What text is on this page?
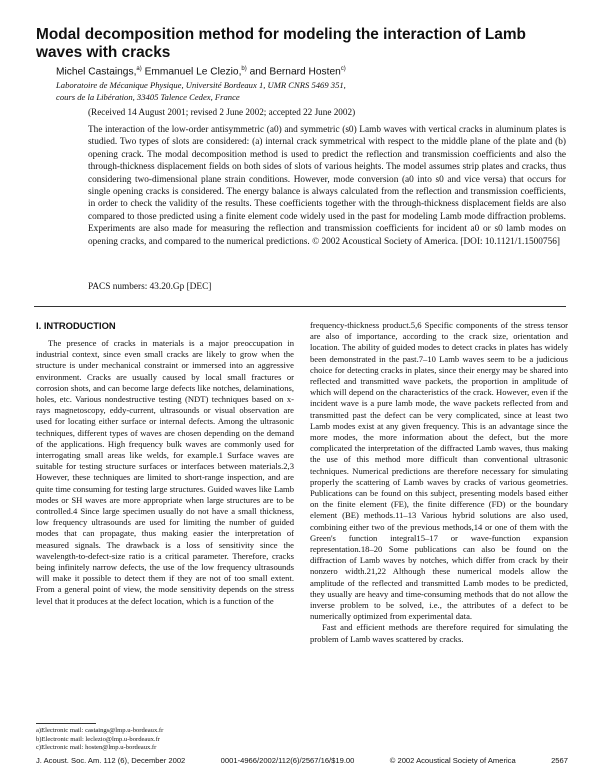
Modal decomposition method for modeling the interaction of Lamb waves with cracks
Michel Castaings,$^{a)}$ Emmanuel Le Clezio,$^{b)}$ and Bernard Hosten$^{c)}$
Laboratoire de Mécanique Physique, Université Bordeaux 1, UMR CNRS 5469 351,
cours de la Libération, 33405 Talence Cedex, France
(Received 14 August 2001; revised 2 June 2002; accepted 22 June 2002)

The interaction of the low-order antisymmetric (a0) and symmetric (s0) Lamb waves with vertical cracks in aluminum plates is studied. Two types of slots are considered: (a) internal crack symmetrical with respect to the middle plane of the plate and (b) opening crack. The modal decomposition method is used to predict the reflection and transmission coefficients and also the through-thickness displacement fields on both sides of slots of various heights. The model assumes strip plates and cracks, thus considering two-dimensional plane strain conditions. However, mode conversion (a0 into s0 and vice versa) that occurs for single opening cracks is considered. The energy balance is always calculated from the reflection and transmission coefficients, in order to check the validity of the results. These coefficients together with the through-thickness displacement fields are also compared to those predicted using a finite element code widely used in the past for modeling Lamb mode diffraction problems. Experiments are also made for measuring the reflection and transmission coefficients for incident a0 or s0 lamb modes on opening cracks, and compared to the numerical predictions. © 2002 Acoustical Society of America. [DOI: 10.1121/1.1500756]

PACS numbers: 43.20.Gp [DEC]
I. INTRODUCTION

The presence of cracks in materials is a major preoccupation in industrial context, since even small cracks are likely to grow when the structure is under mechanical constraint or immersed into an aggressive environment. Cracks are usually caused by local small fractures or corrosion shots, and can become large defects like notches, delaminations, holes, etc. Various nondestructive testing (NDT) techniques based on x-rays magnetoscopy, eddy-current, ultrasounds or visual observation are used for locating either surface or internal defects. Among the ultrasonic techniques, different types of waves are chosen depending on the demand of the applications. High frequency bulk waves are commonly used for interrogating small areas like welds, for example.1 Surface waves are suitable for testing structure surfaces or interfaces between materials.2,3 However, these techniques are limited to short-range inspection, and are quite time consuming for testing large structures. Guided waves like Lamb modes or SH waves are more appropriate when large structures are to be controlled.4 Since large specimen usually do not have a small thickness, low frequency ultrasounds are used for limiting the number of guided modes that can propagate, thus making easier the interpretation of measured signals. The drawback is a loss of sensitivity since the wavelength-to-defect-size ratio is a critical parameter. Therefore, cracks being infinitely narrow defects, the use of the low frequency ultrasounds will make it possible to detect them if they are not of too small extent. From a general point of view, the mode sensitivity depends on the stress level that it produces at the defect location, which is a function of the

frequency-thickness product.5,6 Specific components of the stress tensor are also of importance, according to the crack size, orientation and location. The ability of guided modes to detect cracks in plates has widely been demonstrated in the past.7–10 Lamb waves seem to be a judicious choice for detecting cracks in plates, since their energy may be shared into reflected and transmitted wave packets, the proportion in amplitude of which will depend on the characteristics of the crack. However, even if the incident wave is a pure lamb mode, the wave packets reflected from and transmitted past the defect can be very complicated, since at least two Lamb modes exist at any given frequency. This is an advantage since the more modes, the more information about the defect, but the more complicated the interpretation of the diffracted Lamb waves, thus making the use of this method more difficult than conventional ultrasonic techniques. Numerical predictions are therefore necessary for simulating properly the scattering of Lamb waves by cracks of various geometries. Publications can be found on this subject, presenting models based either on the finite element (FE), the finite difference (FD) or the boundary element (BE) methods.11–13 Various hybrid solutions are also used, combining either two of the previous methods,14 or one of them with the Green's function integral15–17 or wave-function expansion representation.18–20 Some publications can also be found on the diffraction of Lamb waves by notches, which differ from crack by their nonzero width.21,22 Although these numerical models allow the amplitude of the reflected and transmitted Lamb modes to be predicted, they usually are heavy and time-consuming methods that do not allow the inverse problem to be solved, i.e., the attributes of a defect to be numerically optimized from experimental data.

Fast and efficient methods are therefore required for simulating the problem of Lamb waves scattered by cracks.

a)Electronic mail: castaings@lmp.u-bordeaux.fr
b)Electronic mail: leclezio@lmp.u-bordeaux.fr
c)Electronic mail: hosten@lmp.u-bordeaux.fr
J. Acoust. Soc. Am. 112 (6), December 2002	0001-4966/2002/112(6)/2567/16/$19.00	© 2002 Acoustical Society of America	2567
